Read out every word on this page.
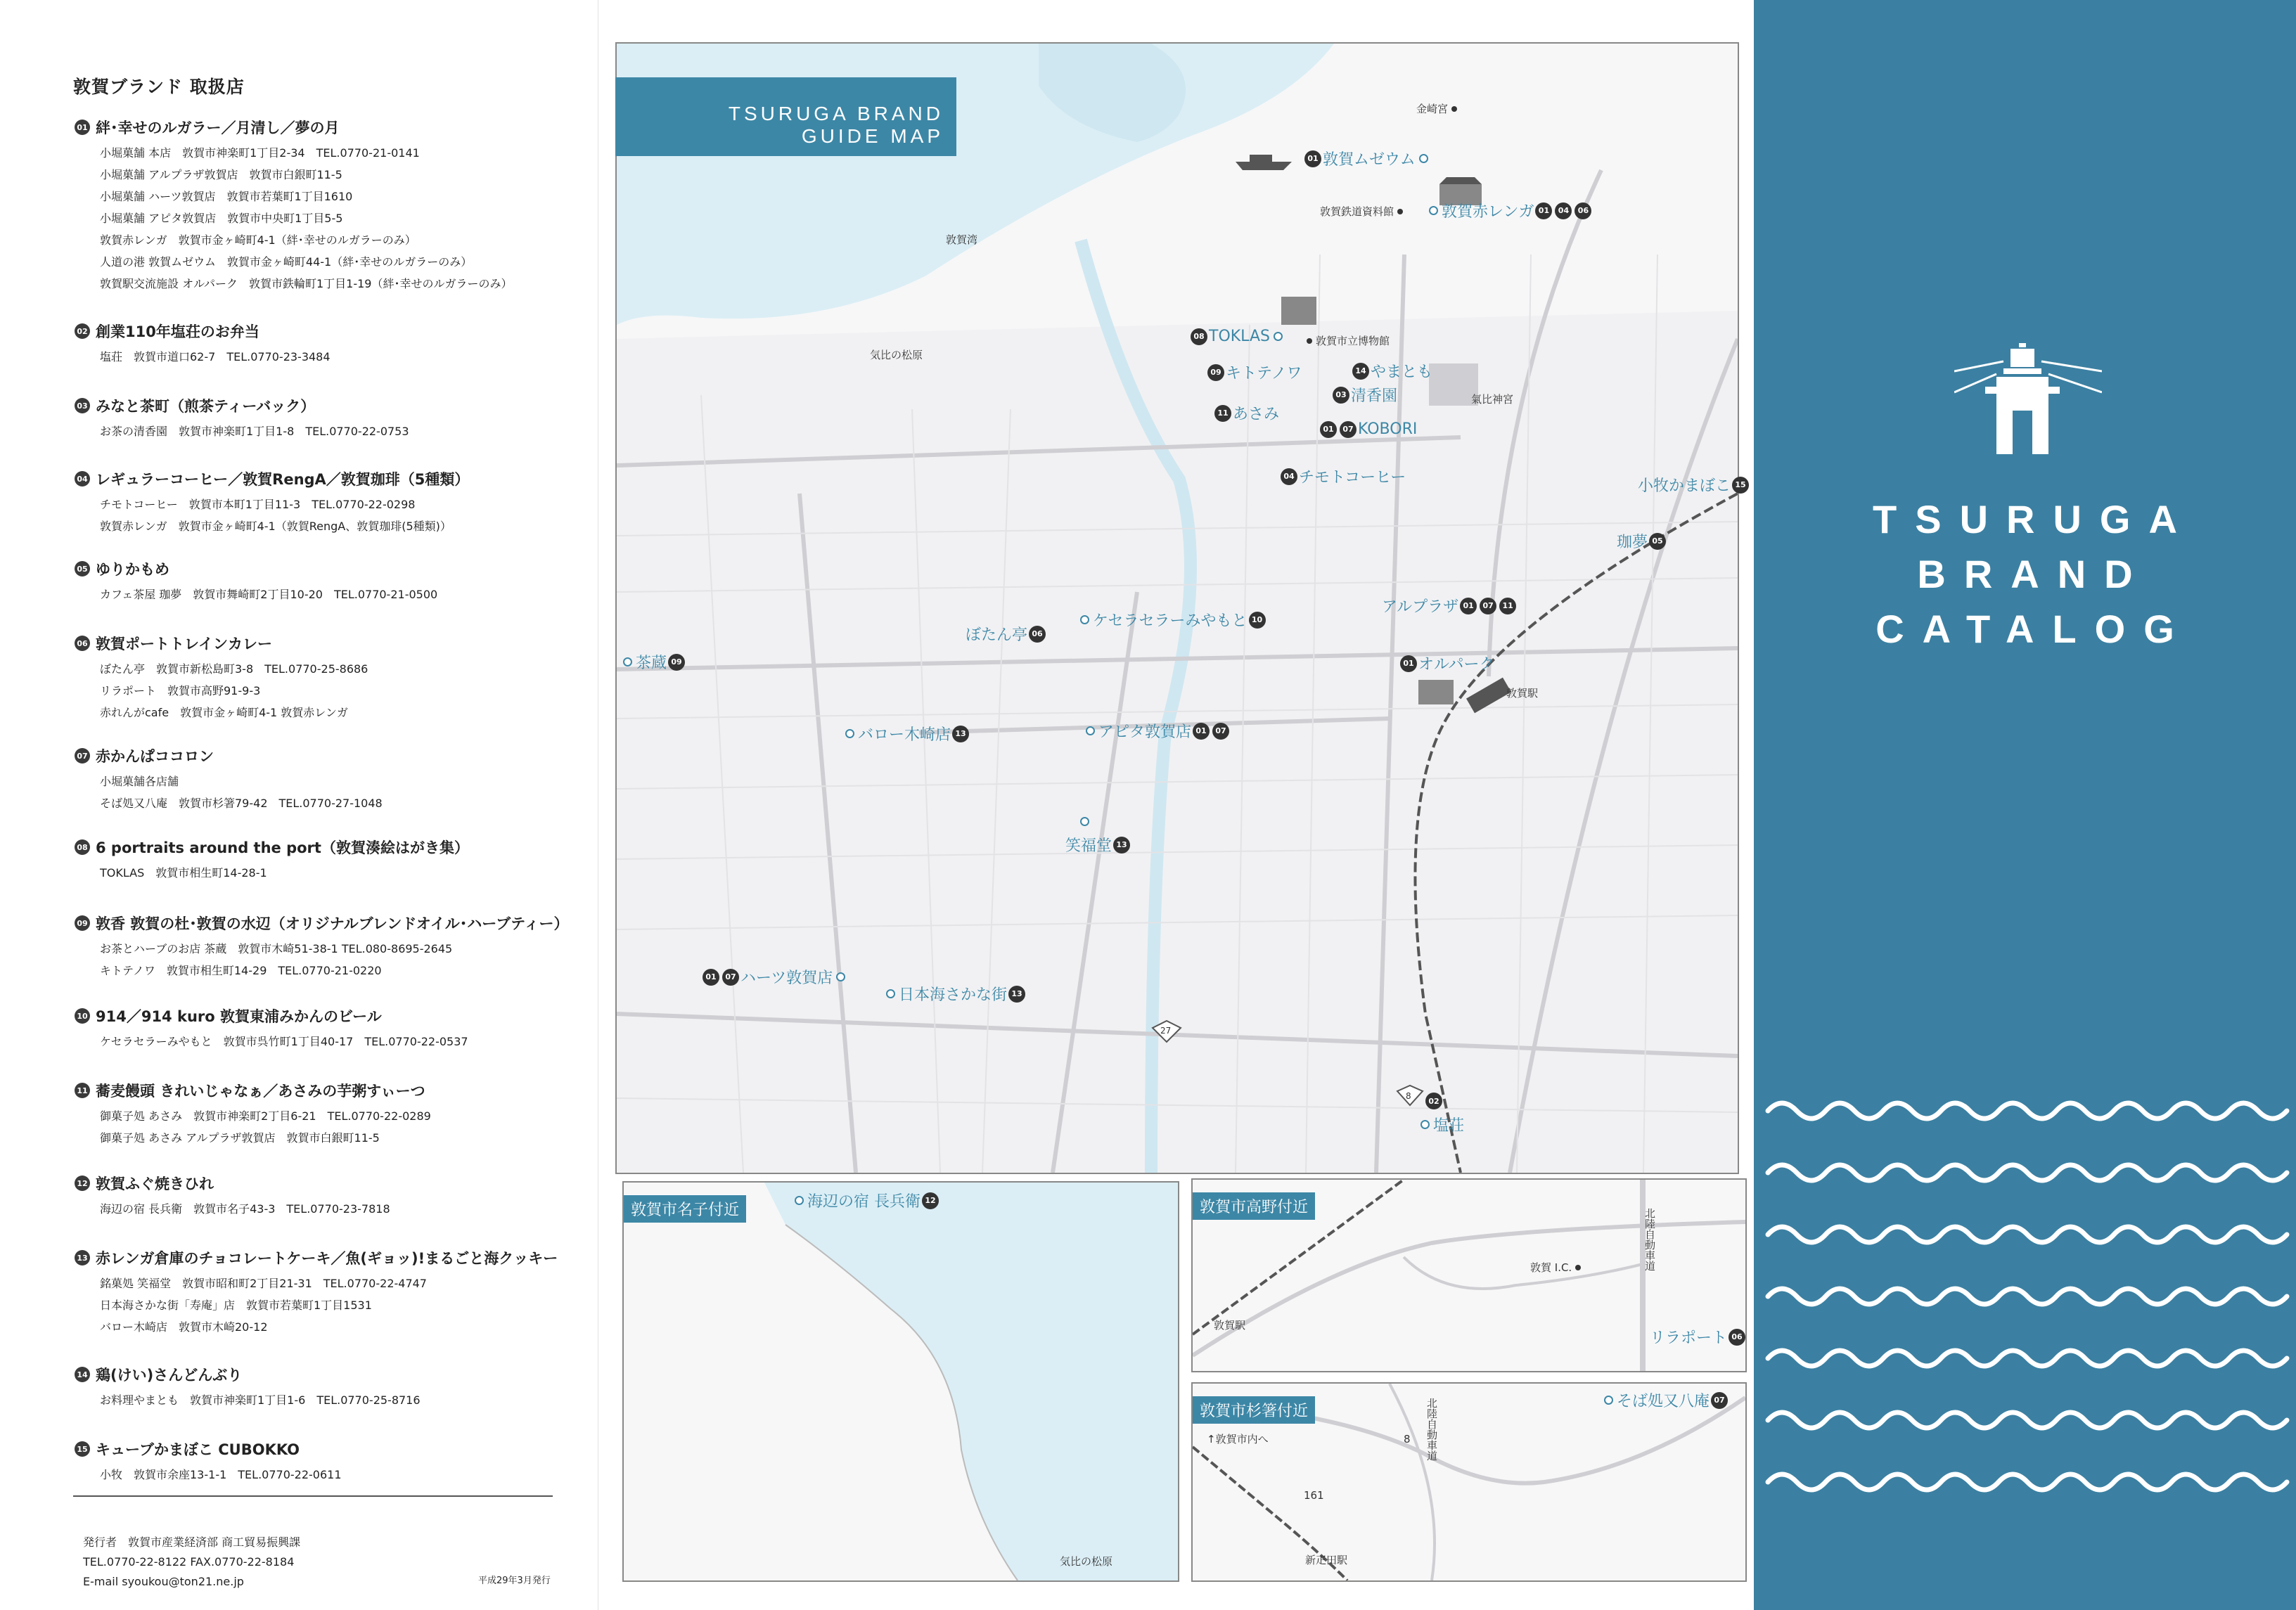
敦賀ブランド 取扱店
01 絆･幸せのルガラー／月清し／夢の月
小堀菓舗 本店　敦賀市神楽町1丁目2-34　TEL.0770-21-0141
小堀菓舗 アルプラザ敦賀店　敦賀市白銀町11-5
小堀菓舗 ハーツ敦賀店　敦賀市若葉町1丁目1610
小堀菓舗 アピタ敦賀店　敦賀市中央町1丁目5-5
敦賀赤レンガ　敦賀市金ヶ崎町4-1（絆･幸せのルガラーのみ）
人道の港 敦賀ムゼウム　敦賀市金ヶ崎町44-1（絆･幸せのルガラーのみ）
敦賀駅交流施設 オルパーク　敦賀市鉄輪町1丁目1-19（絆･幸せのルガラーのみ）
02 創業110年塩荘のお弁当
塩荘　敦賀市道口62-7　TEL.0770-23-3484
03 みなと茶町（煎茶ティーバック）
お茶の清香園　敦賀市神楽町1丁目1-8　TEL.0770-22-0753
04 レギュラーコーヒー／敦賀RengA／敦賀珈琲（5種類）
チモトコーヒー　敦賀市本町1丁目11-3　TEL.0770-22-0298
敦賀赤レンガ　敦賀市金ヶ崎町4-1（敦賀RengA、敦賀珈琲(5種類)）
05 ゆりかもめ
カフェ茶屋 珈夢　敦賀市舞崎町2丁目10-20　TEL.0770-21-0500
06 敦賀ポートトレインカレー
ぼたん亭　敦賀市新松島町3-8　TEL.0770-25-8686
リラポート　敦賀市高野91-9-3
赤れんがcafe　敦賀市金ヶ崎町4-1 敦賀赤レンガ
07 赤かんぱココロン
小堀菓舗各店舗
そば処又八庵　敦賀市杉箸79-42　TEL.0770-27-1048
08 6 portraits around the port（敦賀湊絵はがき集）
TOKLAS　敦賀市相生町14-28-1
09 敦香 敦賀の杜･敦賀の水辺（オリジナルブレンドオイル･ハーブティー）
お茶とハーブのお店 茶蔵　敦賀市木崎51-38-1 TEL.080-8695-2645
キトテノワ　敦賀市相生町14-29　TEL.0770-21-0220
10 914／914 kuro 敦賀東浦みかんのビール
ケセラセラーみやもと　敦賀市呉竹町1丁目40-17　TEL.0770-22-0537
11 蕎麦饅頭 きれいじゃなぁ／あさみの芋粥すぃーつ
御菓子処 あさみ　敦賀市神楽町2丁目6-21　TEL.0770-22-0289
御菓子処 あさみ アルプラザ敦賀店　敦賀市白銀町11-5
12 敦賀ふぐ焼きひれ
海辺の宿 長兵衛　敦賀市名子43-3　TEL.0770-23-7818
13 赤レンガ倉庫のチョコレートケーキ／魚(ギョッ)!まるごと海クッキー
銘菓処 笑福堂　敦賀市昭和町2丁目21-31　TEL.0770-22-4747
日本海さかな街「寿庵」店　敦賀市若葉町1丁目1531
バロー木崎店　敦賀市木崎20-12
14 鶏(けい)さんどんぶり
お料理やまとも　敦賀市神楽町1丁目1-6　TEL.0770-25-8716
15 キューブかまぼこ CUBOKKO
小牧　敦賀市余座13-1-1　TEL.0770-22-0611
発行者　敦賀市産業経済部 商工貿易振興課
TEL.0770-22-8122 FAX.0770-22-8184
E-mail syoukou@ton21.ne.jp	平成29年3月発行
敦賀湾
気比の松原
金崎宮
敦賀鉄道資料館
敦賀市立博物館
氣比神宮
敦賀駅
27
8
01 敦賀ムゼウム
敦賀赤レンガ 01	04	06
08 TOKLAS
09 キトテノワ	14 やまとも
03 清香園
11 あさみ
01	07 KOBORI
04 チモトコーヒー	小牧かまぼこ 15
珈夢 05
アルプラザ 01	07	11
ぼたん亭 06
ケセラセラーみやもと 10
茶蔵 09	01 オルパーク
バロー木崎店 13	アピタ敦賀店 01	07
笑福堂 13
01	07 ハーツ敦賀店
日本海さかな街 13
02
塩荘
TSURUGA BRAND
GUIDE MAP
敦賀市名子付近	海辺の宿 長兵衛 12
気比の松原
敦賀市高野付近
敦賀 I.C.
敦賀駅
北陸自動車道
リラポート 06
敦賀市杉箸付近
↑敦賀市内へ
新疋田駅
8
161
北陸自動車道	そば処又八庵 07
TSURUGA
BRAND
CATALOG
